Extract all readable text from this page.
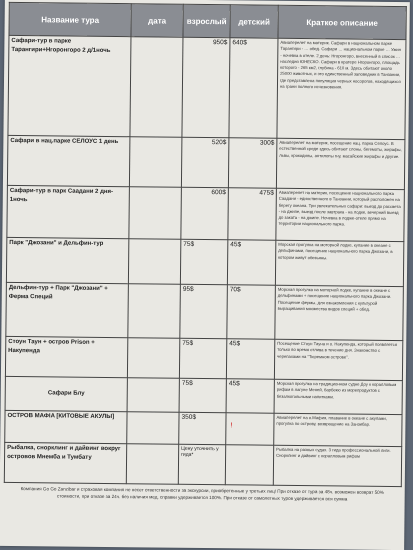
Название тура	дата	взрослый	детский	Краткое описание
Сафари-тур в парке Тарангири+Нгоронгоро 2 д/1ночь		950$	640$	Авиаперелет на материк. Сафари в национальном парке Тарангири - … обед. Сафари … национальном парке … Ужин - ночевка в отеле. 2 день: Нгоронгоро, внесенный в список … наследия ЮНЕСКО. Сафари в кратере Нгоронгоро, площадь которого - 265 км2, глубина - 610 м. Здесь обитают около 25000 животных, и это единственный заповедник в Танзании, где представлена популяция черных носорогов, находящихся на грани полного исчезновения.
Сафари в нац.парке СЕЛОУС 1 день		520$	300$	Авиаперелет на материк, посещение нац. парка Селоус. В естественной среде здесь обитают слоны, бегемоты, жирафы, львы, крокодилы, антилопы гну, масайские жирафы и другие.
Сафари-тур в парк Саадани 2 дня- 1ночь		600$	475$	Авиаперелет на материк, посещение национального парка Саадани - единственного в Танзании, который расположен на берегу океана. Три увлекательных сафари: выезд до рассвета - на джипе, выезд после завтрака - на лодке, вечерний выезд до заката - на джипе. Ночевка в лодже-отеле прямо на территории национального парка.
Парк "Джозани" и Дельфин-тур		75$	45$	Морская прогулка на моторной лодке, купание в океане с дельфинами, посещение национального парка Джозани, в котором живут обезьяны.
Дельфин-тур + Парк "Джозани" + Ферма Специй		95$	70$	Морская прогулка на моторной лодке, купание в океане с дельфинами + посещение национального парка Джозани. Посещение фермы, для ознакомления с культурой выращивания множества видов специй + обед.
Стоун Таун + остров Prison + Накупенда		75$	45$	Посещение Стоун Тауна и о. Накупенда, который появляется только во время отлива в течение дня. Знакомство с черепахами на "Тюремном острове".
Сафари Блу		75$	45$	Морская прогулка на традиционном судне Доу к коралловым рифам в лагуне Меней, барбекю из морепродуктов с безалкогольными напитками.
ОСТРОВ МАФIA [КИТОВЫЕ АКУЛЫ]		350$	!	Авиаперелет на о.Мафия, плавание в океане с акулами, прогулка по острову, возвращение на Занзибар.
Рыбалка, снорклинг и дайвинг вокруг островов Мнемба и Тумбату		Цену уточнить у гида*		Рыбалка на разных судах. 3 гида профессиональной лиги. Снорклинг и дайвинг с коралловым рифом
Компания Go Go Zanzibar и страховая компания не несет ответственности за экскурсии, приобретенные у третьих лиц! При отказе от тура за 48ч. возможен возврат 50% стоимости, при отказе за 24ч. без наличия мед. справки удерживается 100%. При отказе от самолетных туров удерживается вся сумма
